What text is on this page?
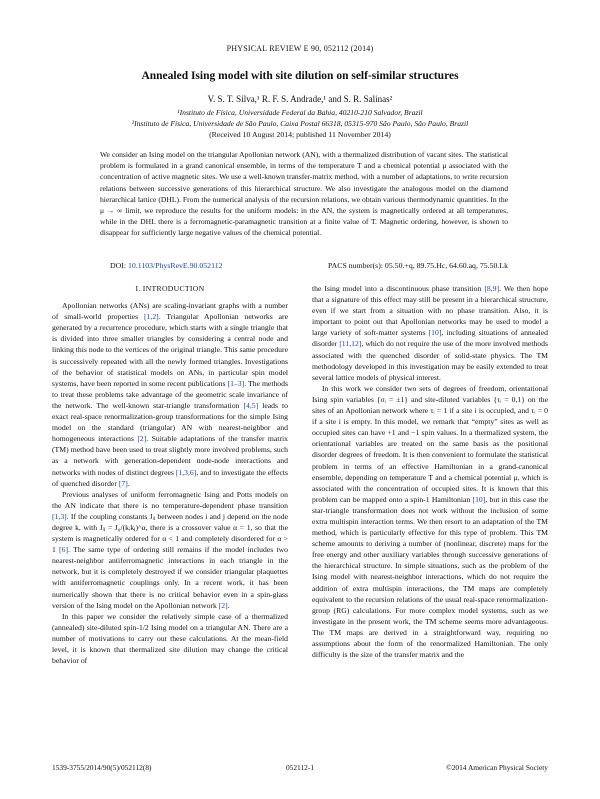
PHYSICAL REVIEW E 90, 052112 (2014)
Annealed Ising model with site dilution on self-similar structures
V. S. T. Silva,¹ R. F. S. Andrade,¹ and S. R. Salinas²
¹Instituto de Física, Universidade Federal da Bahia, 40210-210 Salvador, Brazil
²Instituto de Física, Universidade de São Paulo, Caixa Postal 66318, 05315-970 São Paulo, São Paulo, Brazil
(Received 10 August 2014; published 11 November 2014)

We consider an Ising model on the triangular Apollonian network (AN), with a thermalized distribution of vacant sites. The statistical problem is formulated in a grand canonical ensemble, in terms of the temperature T and a chemical potential μ associated with the concentration of active magnetic sites. We use a well-known transfer-matrix method, with a number of adaptations, to write recursion relations between successive generations of this hierarchical structure. We also investigate the analogous model on the diamond hierarchical lattice (DHL). From the numerical analysis of the recursion relations, we obtain various thermodynamic quantities. In the μ → ∞ limit, we reproduce the results for the uniform models: in the AN, the system is magnetically ordered at all temperatures, while in the DHL there is a ferromagnetic-paramagnetic transition at a finite value of T. Magnetic ordering, however, is shown to disappear for sufficiently large negative values of the chemical potential.

DOI: 10.1103/PhysRevE.90.052112	PACS number(s): 05.50.+q, 89.75.Hc, 64.60.aq, 75.50.Lk
I. INTRODUCTION

Apollonian networks (ANs) are scaling-invariant graphs with a number of small-world properties [1,2]. Triangular Apollonian networks are generated by a recurrence procedure, which starts with a single triangle that is divided into three smaller triangles by considering a central node and linking this node to the vertices of the original triangle. This same procedure is successively repeated with all the newly formed triangles. Investigations of the behavior of statistical models on ANs, in particular spin model systems, have been reported in some recent publications [1–3]. The methods to treat these problems take advantage of the geometric scale invariance of the network. The well-known star-triangle transformation [4,5] leads to exact real-space renormalization-group transformations for the simple Ising model on the standard (triangular) AN with nearest-neighbor and homogeneous interactions [2]. Suitable adaptations of the transfer matrix (TM) method have been used to treat slightly more involved problems, such as a network with generation-dependent node-node interactions and networks with nodes of distinct degrees [1,3,6], and to investigate the effects of quenched disorder [7].

Previous analyses of uniform ferromagnetic Ising and Potts models on the AN indicate that there is no temperature-dependent phase transition [1,3]. If the coupling constants Jᵢⱼ between nodes i and j depend on the node degree k, with Jᵢⱼ = J₀/(kᵢkⱼ)^α, there is a crossover value α = 1, so that the system is magnetically ordered for α < 1 and completely disordered for α > 1 [6]. The same type of ordering still remains if the model includes two nearest-neighbor antiferromagnetic interactions in each triangle in the network, but it is completely destroyed if we consider triangular plaquettes with antiferromagnetic couplings only. In a recent work, it has been numerically shown that there is no critical behavior even in a spin-glass version of the Ising model on the Apollonian network [2].

In this paper we consider the relatively simple case of a thermalized (annealed) site-diluted spin-1/2 Ising model on a triangular AN. There are a number of motivations to carry out these calculations. At the mean-field level, it is known that thermalized site dilution may change the critical behavior of

the Ising model into a discontinuous phase transition [8,9]. We then hope that a signature of this effect may still be present in a hierarchical structure, even if we start from a situation with no phase transition. Also, it is important to point out that Apollonian networks may be used to model a large variety of soft-matter systems [10], including situations of annealed disorder [11,12], which do not require the use of the more involved methods associated with the quenched disorder of solid-state physics. The TM methodology developed in this investigation may be easily extended to treat several lattice models of physical interest.

In this work we consider two sets of degrees of freedom, orientational Ising spin variables {σᵢ = ±1} and site-diluted variables {τᵢ = 0,1} on the sites of an Apollonian network where τᵢ = 1 if a site i is occupied, and τᵢ = 0 if a site i is empty. In this model, we remark that “empty” sites as well as occupied sites can have +1 and −1 spin values. In a thermalized system, the orientational variables are treated on the same basis as the positional disorder degrees of freedom. It is then convenient to formulate the statistical problem in terms of an effective Hamiltonian in a grand-canonical ensemble, depending on temperature T and a chemical potential μ, which is associated with the concentration of occupied sites. It is known that this problem can be mapped onto a spin-1 Hamiltonian [10], but in this case the star-triangle transformation does not work without the inclusion of some extra multispin interaction terms. We then resort to an adaptation of the TM method, which is particularly effective for this type of problem. This TM scheme amounts to deriving a number of (nonlinear, discrete) maps for the free energy and other auxiliary variables through successive generations of the hierarchical structure. In simple situations, such as the problem of the Ising model with nearest-neighbor interactions, which do not require the addition of extra multispin interactions, the TM maps are completely equivalent to the recursion relations of the usual real-space renormalization-group (RG) calculations. For more complex model systems, such as we investigate in the present work, the TM scheme seems more advantageous. The TM maps are derived in a straightforward way, requiring no assumptions about the form of the renormalized Hamiltonian. The only difficulty is the size of the transfer matrix and the

1539-3755/2014/90(5)/052112(8)	052112-1	©2014 American Physical Society
